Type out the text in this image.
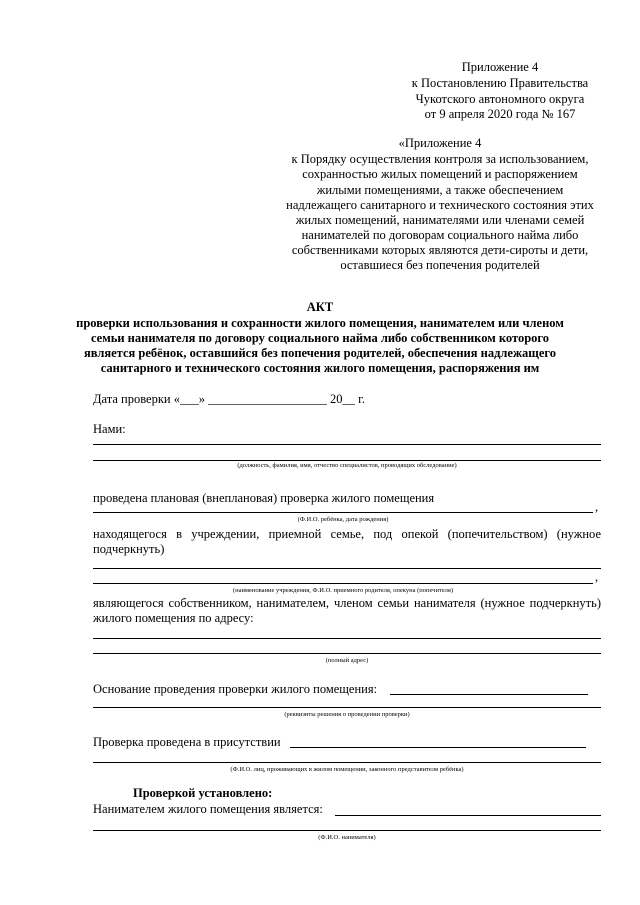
Приложение 4
к Постановлению Правительства
Чукотского автономного округа
от 9 апреля 2020 года № 167
«Приложение 4
к Порядку осуществления контроля за использованием,
сохранностью жилых помещений и распоряжением
жилыми помещениями, а также обеспечением
надлежащего санитарного и технического состояния этих
жилых помещений, нанимателями или членами семей
нанимателей по договорам социального найма либо
собственниками которых являются дети-сироты и дети,
оставшиеся без попечения родителей
АКТ
проверки использования и сохранности жилого помещения, нанимателем или членом
семьи нанимателя по договору социального найма либо собственником которого
является ребёнок, оставшийся без попечения родителей, обеспечения надлежащего
санитарного и технического состояния жилого помещения, распоряжения им
Дата проверки «___» ___________________ 20__ г.
Нами:
(должность, фамилия, имя, отчество специалистов, проводящих обследование)
проведена плановая (внеплановая) проверка жилого помещения
,
(Ф.И.О. ребёнка, дата рождения)
находящегося в учреждении, приемной семье, под опекой (попечительством) (нужное подчеркнуть)
,
(наименование учреждения, Ф.И.О. приемного родителя, опекуна (попечителя)
являющегося собственником, нанимателем, членом семьи нанимателя (нужное подчеркнуть) жилого помещения по адресу:
(полный адрес)
Основание проведения проверки жилого помещения:
(реквизиты решения о проведении проверки)
Проверка проведена в присутствии
(Ф.И.О. лиц, проживающих в жилом помещении, законного представителя ребёнка)
Проверкой установлено:
Нанимателем жилого помещения является:
(Ф.И.О. нанимателя)
